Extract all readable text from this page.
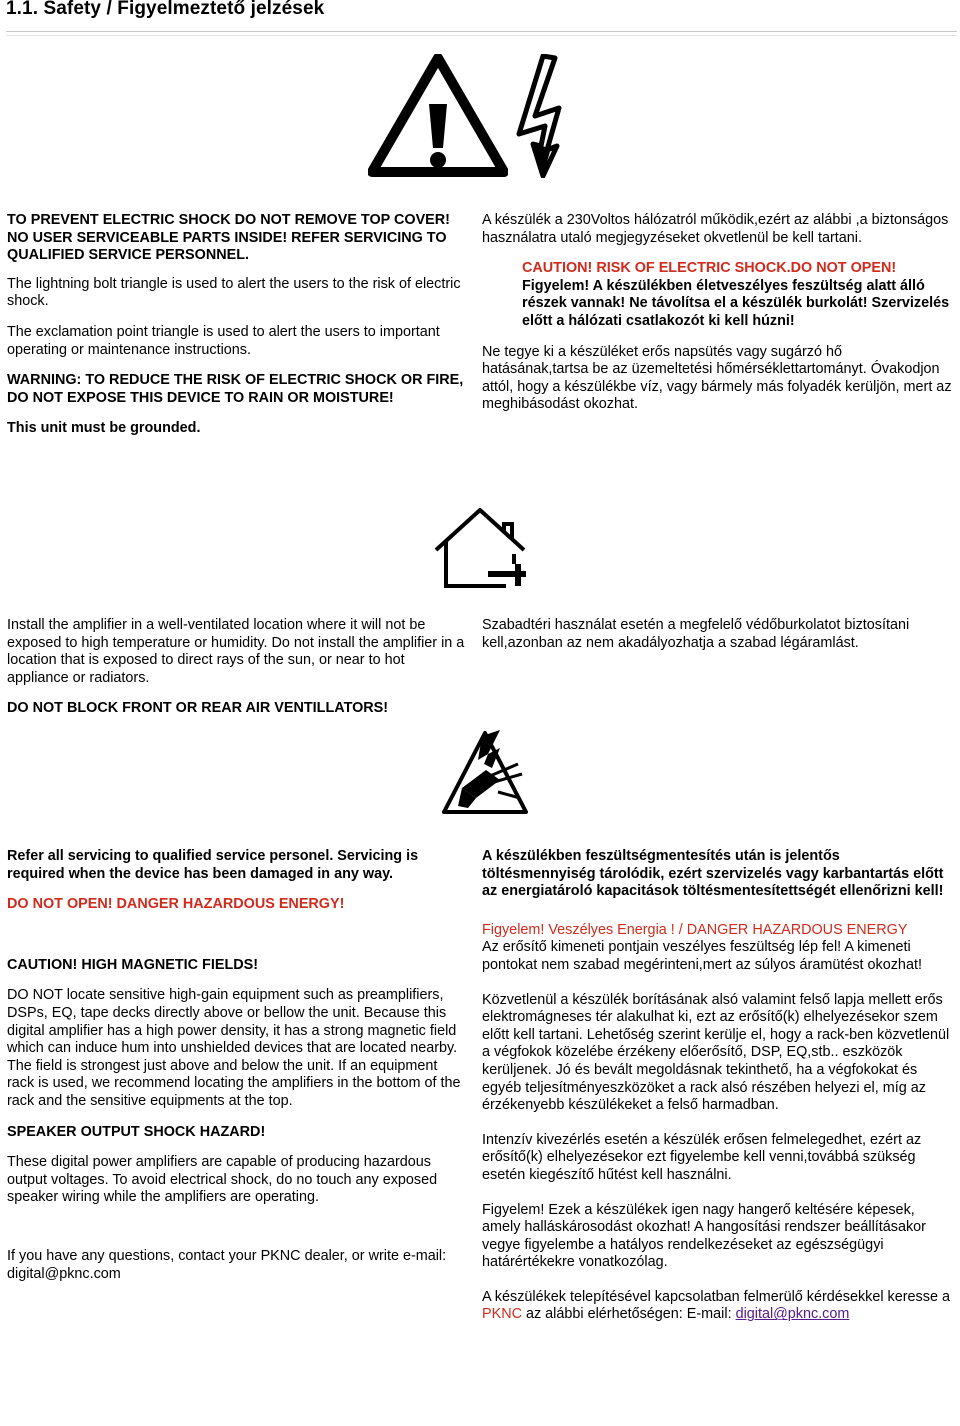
1.1. Safety / Figyelmeztető jelzések

TO PREVENT ELECTRIC SHOCK DO NOT REMOVE TOP COVER! NO USER SERVICEABLE PARTS INSIDE! REFER SERVICING TO QUALIFIED SERVICE PERSONNEL.

The lightning bolt triangle is used to alert the users to the risk of electric shock.

The exclamation point triangle is used to alert the users to important operating or maintenance instructions.

WARNING: TO REDUCE THE RISK OF ELECTRIC SHOCK OR FIRE, DO NOT EXPOSE THIS DEVICE TO RAIN OR MOISTURE!

This unit must be grounded.

A készülék a 230Voltos hálózatról működik,ezért az alábbi ,a biztonságos használatra utaló megjegyzéseket okvetlenül be kell tartani.

CAUTION! RISK OF ELECTRIC SHOCK.DO NOT OPEN!

Figyelem! A készülékben életveszélyes feszültség alatt álló részek vannak! Ne távolítsa el a készülék burkolát! Szervizelés előtt a hálózati csatlakozót ki kell húzni!

Ne tegye ki a készüléket erős napsütés vagy sugárzó hő hatásának,tartsa be az üzemeltetési hőmérséklettartományt. Óvakodjon attól, hogy a készülékbe víz, vagy bármely más folyadék kerüljön, mert az meghibásodást okozhat.

Install the amplifier in a well-ventilated location where it will not be exposed to high temperature or humidity. Do not install the amplifier in a location that is exposed to direct rays of the sun, or near to hot appliance or radiators.

DO NOT BLOCK FRONT OR REAR AIR VENTILLATORS!

Szabadtéri használat esetén a megfelelő védőburkolatot biztosítani kell,azonban az nem akadályozhatja a szabad légáramlást.

Refer all servicing to qualified service personel. Servicing is required when the device has been damaged in any way.

DO NOT OPEN! DANGER HAZARDOUS ENERGY!

CAUTION! HIGH MAGNETIC FIELDS!

DO NOT locate sensitive high-gain equipment such as preamplifiers, DSPs, EQ, tape decks directly above or bellow the unit. Because this digital amplifier has a high power density, it has a strong magnetic field which can induce hum into unshielded devices that are located nearby. The field is strongest just above and below the unit. If an equipment rack is used, we recommend locating the amplifiers in the bottom of the rack and the sensitive equipments at the top.

SPEAKER OUTPUT SHOCK HAZARD!

These digital power amplifiers are capable of producing hazardous output voltages. To avoid electrical shock, do no touch any exposed speaker wiring while the amplifiers are operating.

If you have any questions, contact your PKNC dealer, or write e-mail: digital@pknc.com

A készülékben feszültségmentesítés után is jelentős töltésmennyiség tárolódik, ezért szervizelés vagy karbantartás előtt az energiatároló kapacitások töltésmentesítettségét ellenőrizni kell!

Figyelem! Veszélyes Energia ! / DANGER HAZARDOUS ENERGY

Az erősítő kimeneti pontjain veszélyes feszültség lép fel! A kimeneti pontokat nem szabad megérinteni,mert az súlyos áramütést okozhat!

Közvetlenül a készülék borításának alsó valamint felső lapja mellett erős elektromágneses tér alakulhat ki, ezt az erősítő(k) elhelyezésekor szem előtt kell tartani. Lehetőség szerint kerülje el, hogy a rack-ben közvetlenül a végfokok közelébe érzékeny előerősítő, DSP, EQ,stb.. eszközök kerüljenek. Jó és bevált megoldásnak tekinthető, ha a végfokokat és egyéb teljesítményeszközöket a rack alsó részében helyezi el, míg az érzékenyebb készülékeket a felső harmadban.

Intenzív kivezérlés esetén a készülék erősen felmelegedhet, ezért az erősítő(k) elhelyezésekor ezt figyelembe kell venni,továbbá szükség esetén kiegészítő hűtést kell használni.

Figyelem! Ezek a készülékek igen nagy hangerő keltésére képesek, amely halláskárosodást okozhat! A hangosítási rendszer beállításakor vegye figyelembe a hatályos rendelkezéseket az egészségügyi határértékekre vonatkozólag.

A készülékek telepítésével kapcsolatban felmerülő kérdésekkel keresse a PKNC az alábbi elérhetőségen: E-mail: digital@pknc.com
